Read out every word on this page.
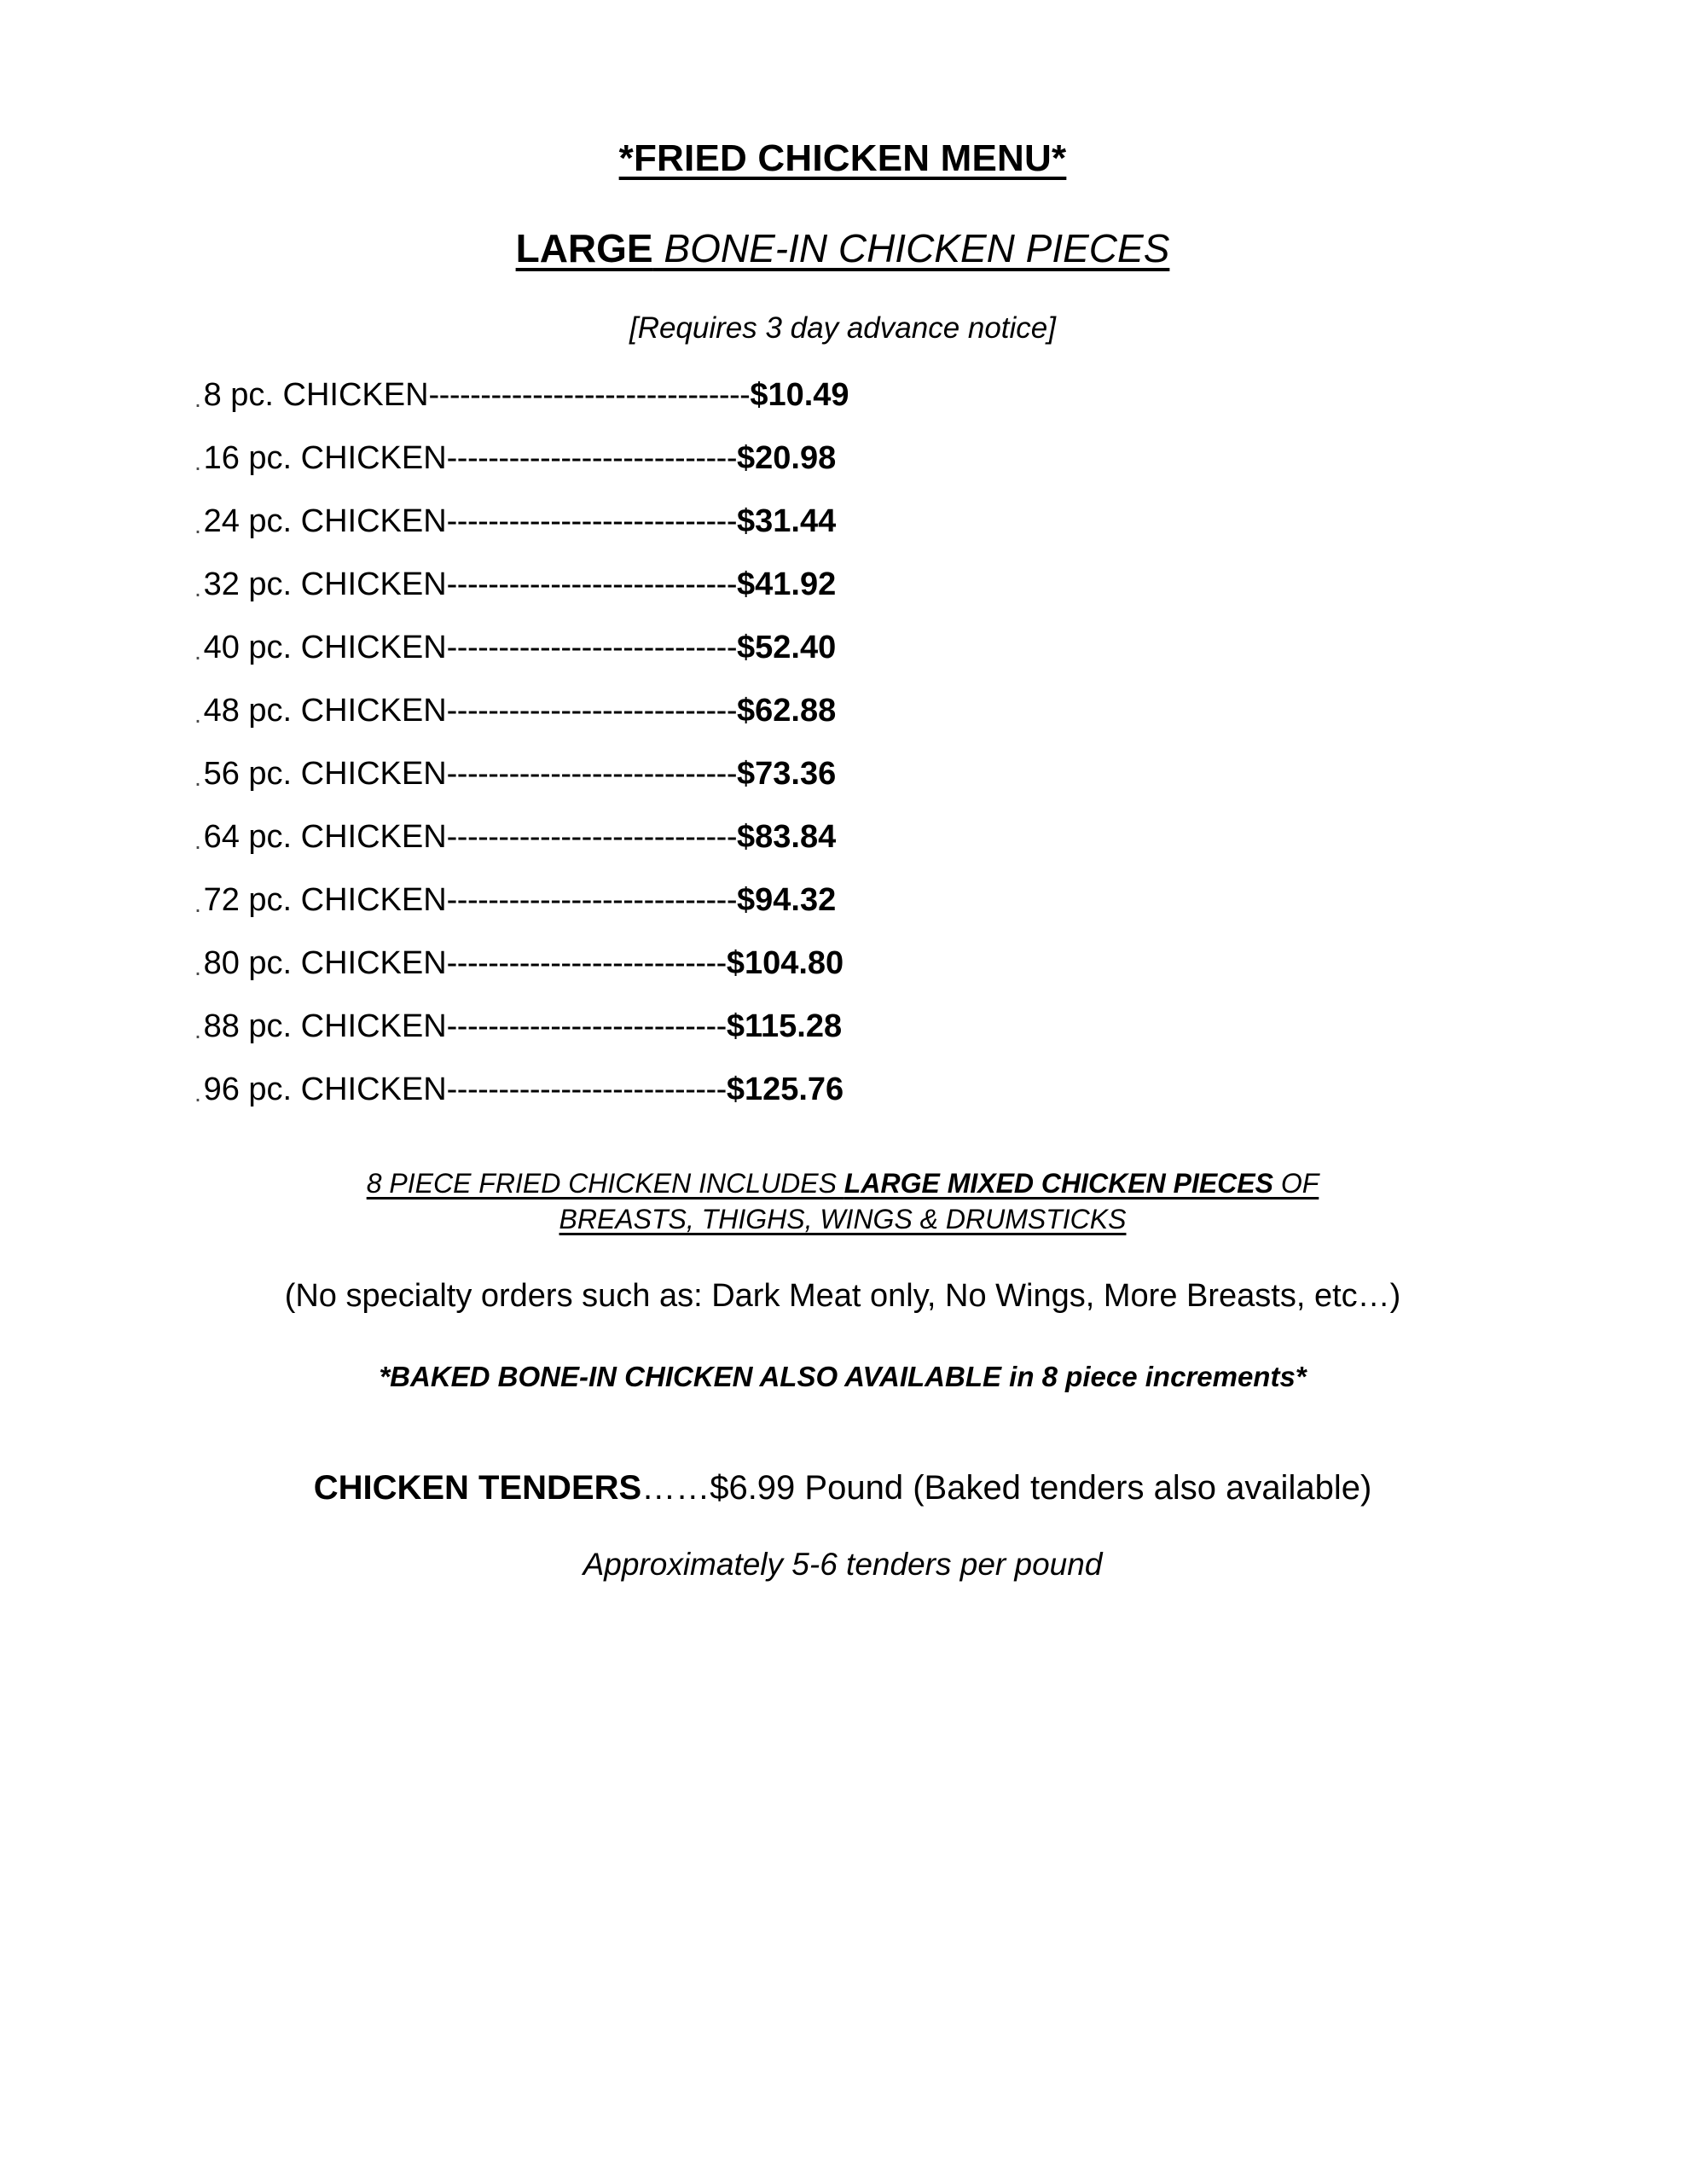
*FRIED CHICKEN MENU*
LARGE BONE-IN CHICKEN PIECES
[Requires 3 day advance notice]
.8 pc. CHICKEN-------------------------------$10.49
.16 pc. CHICKEN----------------------------$20.98
.24 pc. CHICKEN----------------------------$31.44
.32 pc. CHICKEN----------------------------$41.92
.40 pc. CHICKEN----------------------------$52.40
.48 pc. CHICKEN----------------------------$62.88
.56 pc. CHICKEN----------------------------$73.36
.64 pc. CHICKEN----------------------------$83.84
.72 pc. CHICKEN----------------------------$94.32
.80 pc. CHICKEN---------------------------$104.80
.88 pc. CHICKEN---------------------------$115.28
.96 pc. CHICKEN---------------------------$125.76
8 PIECE FRIED CHICKEN INCLUDES LARGE MIXED CHICKEN PIECES OF
BREASTS, THIGHS, WINGS & DRUMSTICKS
(No specialty orders such as: Dark Meat only, No Wings, More Breasts, etc…)
*BAKED BONE-IN CHICKEN ALSO AVAILABLE in 8 piece increments*
CHICKEN TENDERS……$6.99 Pound (Baked tenders also available)
Approximately 5-6 tenders per pound
